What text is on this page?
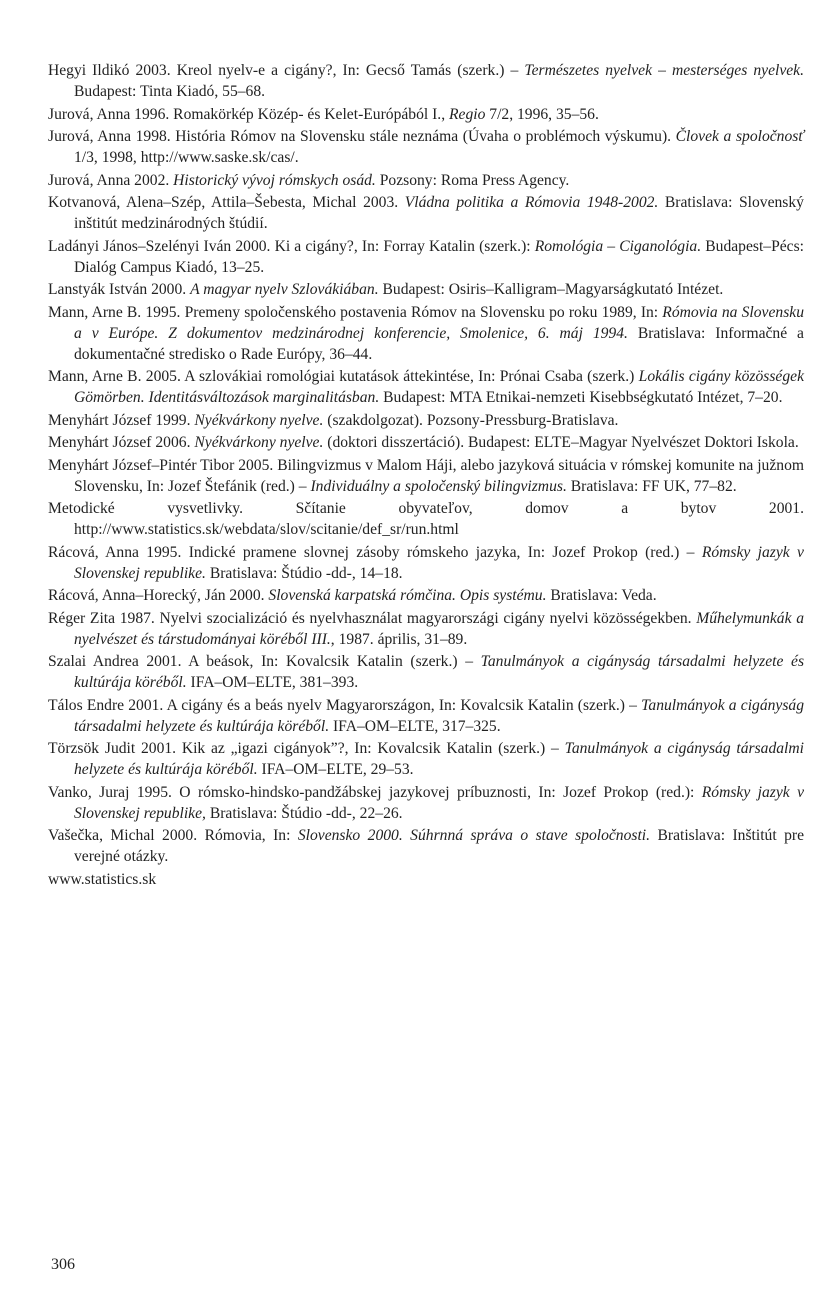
Hegyi Ildikó 2003. Kreol nyelv-e a cigány?, In: Gecső Tamás (szerk.) – Természetes nyelvek – mesterséges nyelvek. Budapest: Tinta Kiadó, 55–68.

Jurová, Anna 1996. Romakörkép Közép- és Kelet-Európából I., Regio 7/2, 1996, 35–56.

Jurová, Anna 1998. História Rómov na Slovensku stále neznáma (Úvaha o problémoch výskumu). Človek a spoločnosť 1/3, 1998, http://www.saske.sk/cas/.

Jurová, Anna 2002. Historický vývoj rómskych osád. Pozsony: Roma Press Agency.

Kotvanová, Alena–Szép, Attila–Šebesta, Michal 2003. Vládna politika a Rómovia 1948-2002. Bratislava: Slovenský inštitút medzinárodných štúdií.

Ladányi János–Szelényi Iván 2000. Ki a cigány?, In: Forray Katalin (szerk.): Romológia – Ciganológia. Budapest–Pécs: Dialóg Campus Kiadó, 13–25.

Lanstyák István 2000. A magyar nyelv Szlovákiában. Budapest: Osiris–Kalligram–Magyarságkutató Intézet.

Mann, Arne B. 1995. Premeny spoločenského postavenia Rómov na Slovensku po roku 1989, In: Rómovia na Slovensku a v Európe. Z dokumentov medzinárodnej konferencie, Smolenice, 6. máj 1994. Bratislava: Informačné a dokumentačné stredisko o Rade Európy, 36–44.

Mann, Arne B. 2005. A szlovákiai romológiai kutatások áttekintése, In: Prónai Csaba (szerk.) Lokális cigány közösségek Gömörben. Identitásváltozások marginalitásban. Budapest: MTA Etnikai-nemzeti Kisebbségkutató Intézet, 7–20.

Menyhárt József 1999. Nyékvárkony nyelve. (szakdolgozat). Pozsony-Pressburg-Bratislava.

Menyhárt József 2006. Nyékvárkony nyelve. (doktori disszertáció). Budapest: ELTE–Magyar Nyelvészet Doktori Iskola.

Menyhárt József–Pintér Tibor 2005. Bilingvizmus v Malom Háji, alebo jazyková situácia v rómskej komunite na južnom Slovensku, In: Jozef Štefánik (red.) – Individuálny a spoločenský bilingvizmus. Bratislava: FF UK, 77–82.

Metodické vysvetlivky. Sčítanie obyvateľov, domov a bytov 2001. http://www.statistics.sk/webdata/slov/scitanie/def_sr/run.html

Rácová, Anna 1995. Indické pramene slovnej zásoby rómskeho jazyka, In: Jozef Prokop (red.) – Rómsky jazyk v Slovenskej republike. Bratislava: Štúdio -dd-, 14–18.

Rácová, Anna–Horecký, Ján 2000. Slovenská karpatská rómčina. Opis systému. Bratislava: Veda.

Réger Zita 1987. Nyelvi szocializáció és nyelvhasználat magyarországi cigány nyelvi közösségekben. Műhelymunkák a nyelvészet és társtudományai köréből III., 1987. április, 31–89.

Szalai Andrea 2001. A beások, In: Kovalcsik Katalin (szerk.) – Tanulmányok a cigányság társadalmi helyzete és kultúrája köréből. IFA–OM–ELTE, 381–393.

Tálos Endre 2001. A cigány és a beás nyelv Magyarországon, In: Kovalcsik Katalin (szerk.) – Tanulmányok a cigányság társadalmi helyzete és kultúrája köréből. IFA–OM–ELTE, 317–325.

Törzsök Judit 2001. Kik az „igazi cigányok”?, In: Kovalcsik Katalin (szerk.) – Tanulmányok a cigányság társadalmi helyzete és kultúrája köréből. IFA–OM–ELTE, 29–53.

Vanko, Juraj 1995. O rómsko-hindsko-pandžábskej jazykovej príbuznosti, In: Jozef Prokop (red.): Rómsky jazyk v Slovenskej republike, Bratislava: Štúdio -dd-, 22–26.

Vašečka, Michal 2000. Rómovia, In: Slovensko 2000. Súhrnná správa o stave spoločnosti. Bratislava: Inštitút pre verejné otázky.

www.statistics.sk

306
